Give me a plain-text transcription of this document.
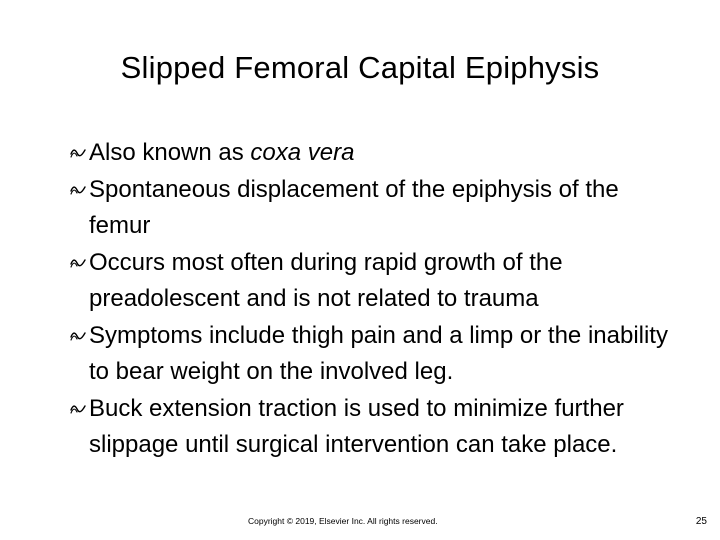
Slipped Femoral Capital Epiphysis
Also known as coxa vera
Spontaneous displacement of the epiphysis of the femur
Occurs most often during rapid growth of the preadolescent and is not related to trauma
Symptoms include thigh pain and a limp or the inability to bear weight on the involved leg.
Buck extension traction is used to minimize further slippage until surgical intervention can take place.
Copyright © 2019, Elsevier Inc. All rights reserved.	25
